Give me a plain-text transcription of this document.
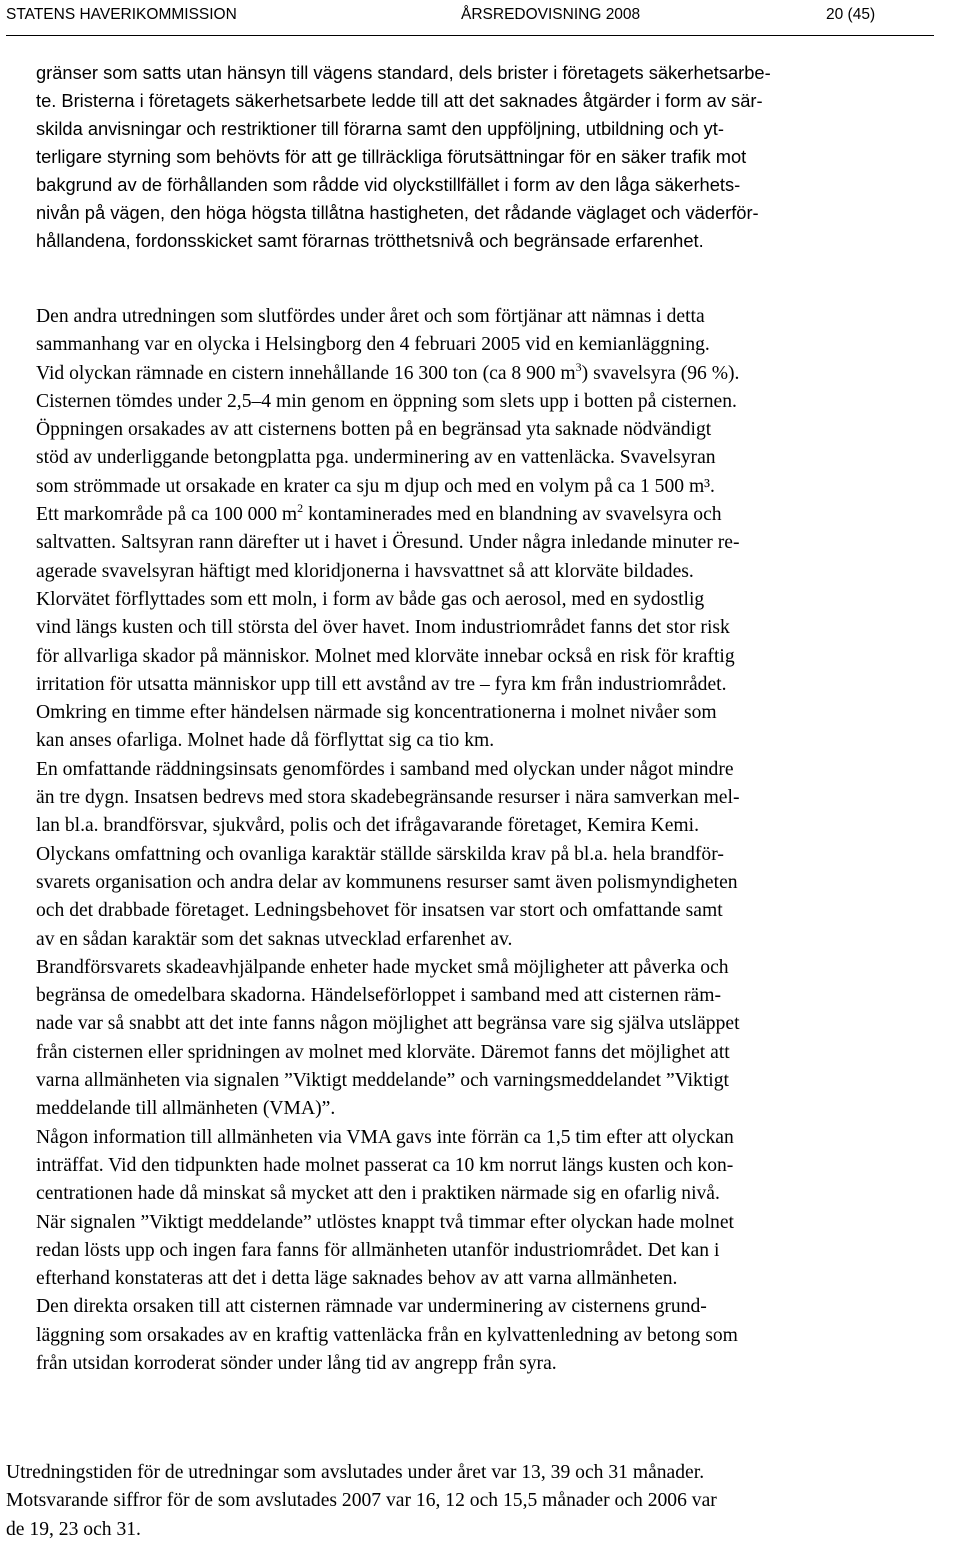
STATENS HAVERIKOMMISSION	ÅRSREDOVISNING 2008	20 (45)
gränser som satts utan hänsyn till vägens standard, dels brister i företagets säkerhetsarbe-
te. Bristerna i företagets säkerhetsarbete ledde till att det saknades åtgärder i form av sär-
skilda anvisningar och restriktioner till förarna samt den uppföljning, utbildning och yt-
terligare styrning som behövts för att ge tillräckliga förutsättningar för en säker trafik mot
bakgrund av de förhållanden som rådde vid olyckstillfället i form av den låga säkerhets-
nivån på vägen, den höga högsta tillåtna hastigheten, det rådande väglaget och väderför-
hållandena, fordonsskicket samt förarnas trötthetsnivå och begränsade erfarenhet.
Den andra utredningen som slutfördes under året och som förtjänar att nämnas i detta
sammanhang var en olycka i Helsingborg den 4 februari 2005 vid en kemianläggning.
Vid olyckan rämnade en cistern innehållande 16 300 ton (ca 8 900 $m^3$) svavelsyra (96 %).
Cisternen tömdes under 2,5–4 min genom en öppning som slets upp i botten på cisternen.
Öppningen orsakades av att cisternens botten på en begränsad yta saknade nödvändigt
stöd av underliggande betongplatta pga. underminering av en vattenläcka. Svavelsyran
som strömmade ut orsakade en krater ca sju m djup och med en volym på ca 1 500 m³.
Ett markområde på ca 100 000 $m^2$ kontaminerades med en blandning av svavelsyra och
saltvatten. Saltsyran rann därefter ut i havet i Öresund. Under några inledande minuter re-
agerade svavelsyran häftigt med kloridjonerna i havsvattnet så att klorväte bildades.
Klorvätet förflyttades som ett moln, i form av både gas och aerosol, med en sydostlig
vind längs kusten och till största del över havet. Inom industriområdet fanns det stor risk
för allvarliga skador på människor. Molnet med klorväte innebar också en risk för kraftig
irritation för utsatta människor upp till ett avstånd av tre – fyra km från industriområdet.
Omkring en timme efter händelsen närmade sig koncentrationerna i molnet nivåer som
kan anses ofarliga. Molnet hade då förflyttat sig ca tio km.
En omfattande räddningsinsats genomfördes i samband med olyckan under något mindre
än tre dygn. Insatsen bedrevs med stora skadebegränsande resurser i nära samverkan mel-
lan bl.a. brandförsvar, sjukvård, polis och det ifrågavarande företaget, Kemira Kemi.
Olyckans omfattning och ovanliga karaktär ställde särskilda krav på bl.a. hela brandför-
svarets organisation och andra delar av kommunens resurser samt även polismyndigheten
och det drabbade företaget. Ledningsbehovet för insatsen var stort och omfattande samt
av en sådan karaktär som det saknas utvecklad erfarenhet av.
Brandförsvarets skadeavhjälpande enheter hade mycket små möjligheter att påverka och
begränsa de omedelbara skadorna. Händelseförloppet i samband med att cisternen räm-
nade var så snabbt att det inte fanns någon möjlighet att begränsa vare sig själva utsläppet
från cisternen eller spridningen av molnet med klorväte. Däremot fanns det möjlighet att
varna allmänheten via signalen ”Viktigt meddelande” och varningsmeddelandet ”Viktigt
meddelande till allmänheten (VMA)”.
Någon information till allmänheten via VMA gavs inte förrän ca 1,5 tim efter att olyckan
inträffat. Vid den tidpunkten hade molnet passerat ca 10 km norrut längs kusten och kon-
centrationen hade då minskat så mycket att den i praktiken närmade sig en ofarlig nivå.
När signalen ”Viktigt meddelande” utlöstes knappt två timmar efter olyckan hade molnet
redan lösts upp och ingen fara fanns för allmänheten utanför industriområdet. Det kan i
efterhand konstateras att det i detta läge saknades behov av att varna allmänheten.
Den direkta orsaken till att cisternen rämnade var underminering av cisternens grund-
läggning som orsakades av en kraftig vattenläcka från en kylvattenledning av betong som
från utsidan korroderat sönder under lång tid av angrepp från syra.
Utredningstiden för de utredningar som avslutades under året var 13, 39 och 31 månader.
Motsvarande siffror för de som avslutades 2007 var 16, 12 och 15,5 månader och 2006 var
de 19, 23 och 31.
